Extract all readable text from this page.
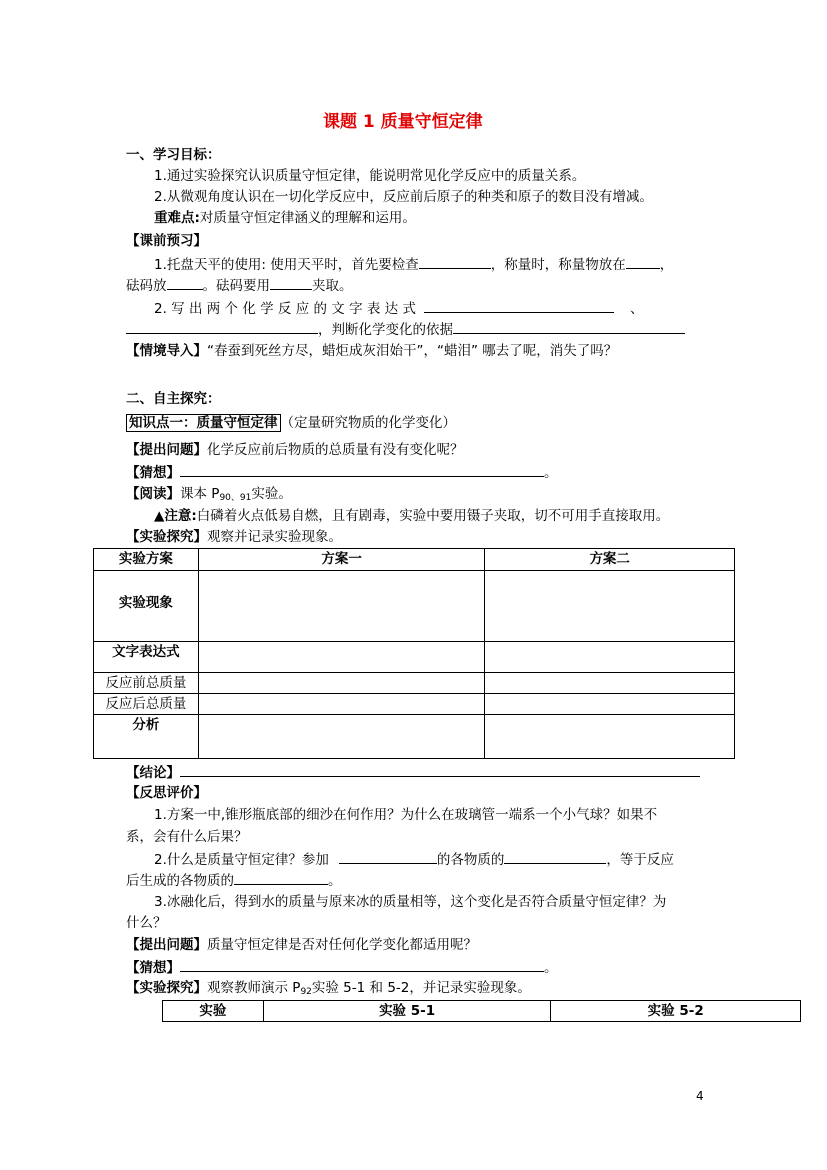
课题 1 质量守恒定律
一、学习目标：
1.通过实验探究认识质量守恒定律，能说明常见化学反应中的质量关系。
2.从微观角度认识在一切化学反应中，反应前后原子的种类和原子的数目没有增减。
重难点:对质量守恒定律涵义的理解和运用。
【课前预习】
1.托盘天平的使用: 使用天平时，首先要检查	，称量时，称量物放在	，
砝码放	。砝码要用	夹取。
2. 写 出 两 个 化 学 反 应 的 文 字 表 达 式	、
，判断化学变化的依据
【情境导入】“春蚕到死丝方尽，蜡炬成灰泪始干”，“蜡泪” 哪去了呢，消失了吗？
二、自主探究：
知识点一：质量守恒定律 （定量研究物质的化学变化）
【提出问题】化学反应前后物质的总质量有没有变化呢？
【猜想】	。
【阅读】课本 $P_{90、91}$实验。
▲注意:白磷着火点低易自燃，且有剧毒，实验中要用镊子夹取，切不可用手直接取用。
【实验探究】观察并记录实验现象。
实验方案	方案一	方案二
实验现象		
文字表达式		
反应前总质量		
反应后总质量		
分析		
【结论】
【反思评价】
1.方案一中,锥形瓶底部的细沙在何作用？为什么在玻璃管一端系一个小气球？如果不
系，会有什么后果？
2.什么是质量守恒定律？参加	的各物质的	，等于反应
后生成的各物质的	。
3.冰融化后，得到水的质量与原来冰的质量相等，这个变化是否符合质量守恒定律？为
什么？
【提出问题】质量守恒定律是否对任何化学变化都适用呢？
【猜想】	。
【实验探究】观察教师演示 $P_{92}$实验 5-1 和 5-2，并记录实验现象。
实验	实验 5-1	实验 5-2
4
